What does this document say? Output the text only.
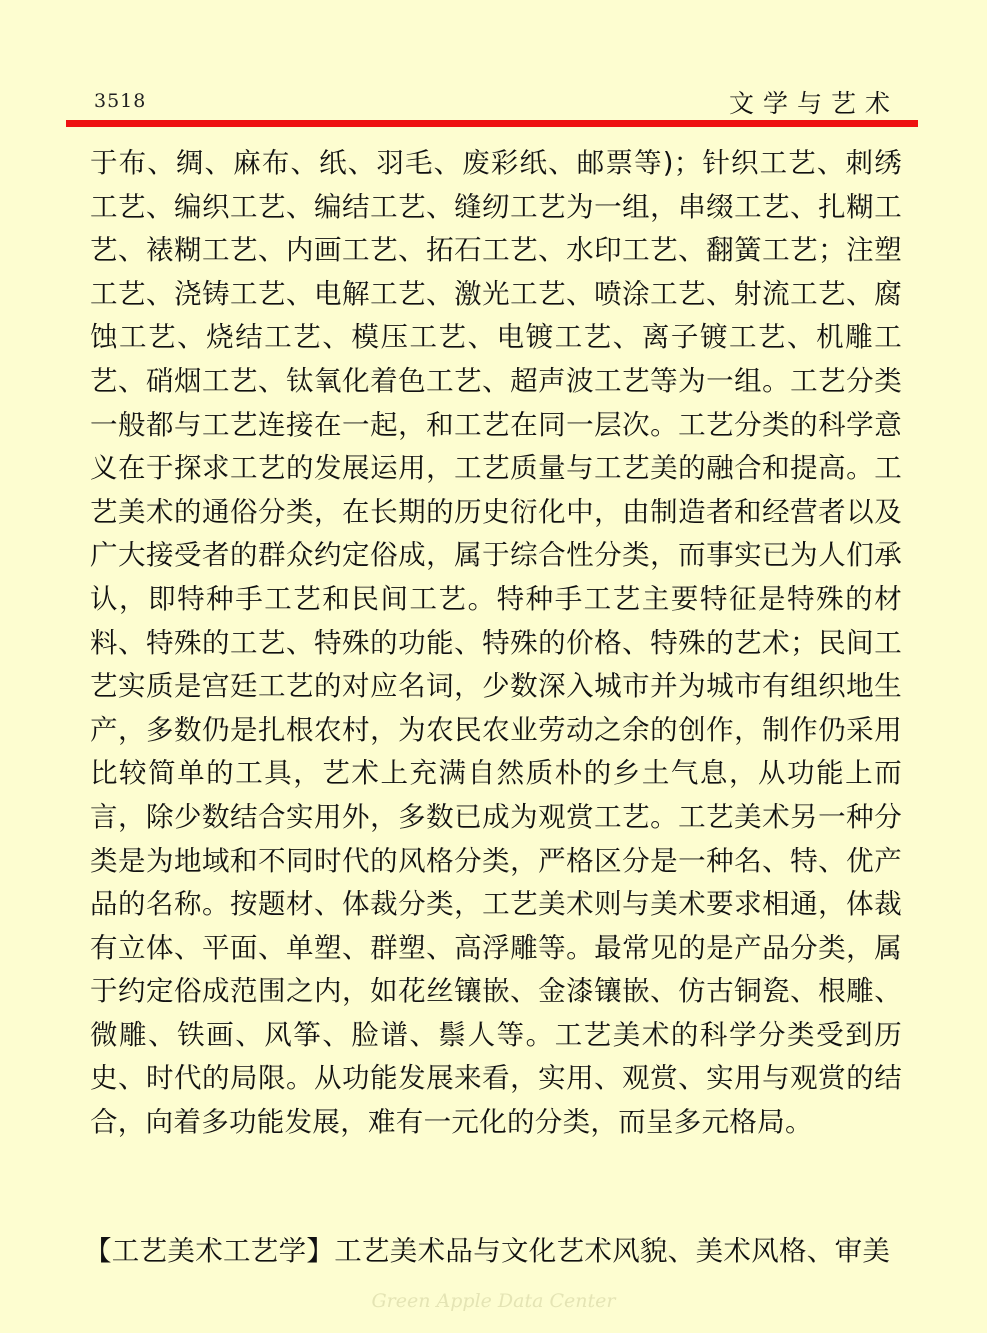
3518	文学与艺术

于布、绸、麻布、纸、羽毛、废彩纸、邮票等)；针织工艺、刺绣工艺、编织工艺、编结工艺、缝纫工艺为一组，串缀工艺、扎糊工艺、裱糊工艺、内画工艺、拓石工艺、水印工艺、翻簧工艺；注塑工艺、浇铸工艺、电解工艺、激光工艺、喷涂工艺、射流工艺、腐蚀工艺、烧结工艺、模压工艺、电镀工艺、离子镀工艺、机雕工艺、硝烟工艺、钛氧化着色工艺、超声波工艺等为一组。工艺分类一般都与工艺连接在一起，和工艺在同一层次。工艺分类的科学意义在于探求工艺的发展运用，工艺质量与工艺美的融合和提高。工艺美术的通俗分类，在长期的历史衍化中，由制造者和经营者以及广大接受者的群众约定俗成，属于综合性分类，而事实已为人们承认，即特种手工艺和民间工艺。特种手工艺主要特征是特殊的材料、特殊的工艺、特殊的功能、特殊的价格、特殊的艺术；民间工艺实质是宫廷工艺的对应名词，少数深入城市并为城市有组织地生产，多数仍是扎根农村，为农民农业劳动之余的创作，制作仍采用比较简单的工具，艺术上充满自然质朴的乡土气息，从功能上而言，除少数结合实用外，多数已成为观赏工艺。工艺美术另一种分类是为地域和不同时代的风格分类，严格区分是一种名、特、优产品的名称。按题材、体裁分类，工艺美术则与美术要求相通，体裁有立体、平面、单塑、群塑、高浮雕等。最常见的是产品分类，属于约定俗成范围之内，如花丝镶嵌、金漆镶嵌、仿古铜瓷、根雕、微雕、铁画、风筝、脸谱、鬃人等。工艺美术的科学分类受到历史、时代的局限。从功能发展来看，实用、观赏、实用与观赏的结合，向着多功能发展，难有一元化的分类，而呈多元格局。

【工艺美术工艺学】工艺美术品与文化艺术风貌、美术风格、审美

Green Apple Data Center
